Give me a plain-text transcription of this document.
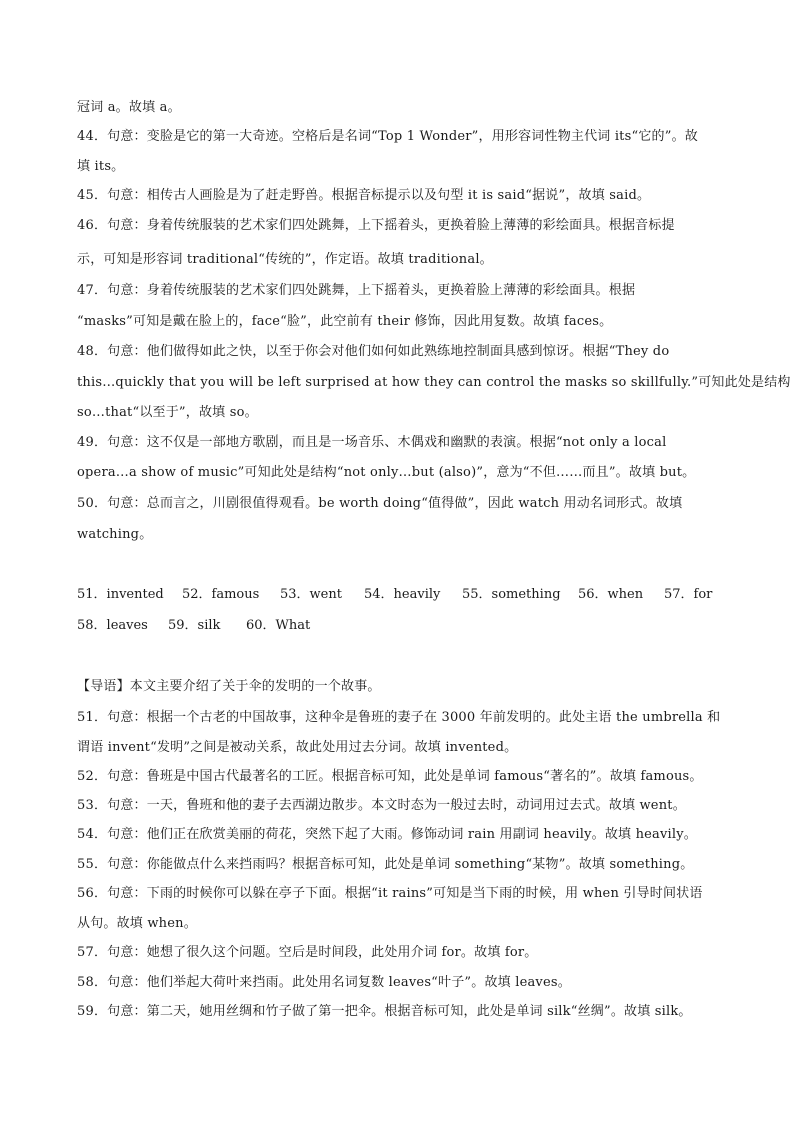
冠词 a。故填 a。
44．句意：变脸是它的第一大奇迹。空格后是名词“Top 1 Wonder”，用形容词性物主代词 its“它的”。故
填 its。
45．句意：相传古人画脸是为了赶走野兽。根据音标提示以及句型 it is said“据说”，故填 said。
46．句意：身着传统服装的艺术家们四处跳舞，上下摇着头，更换着脸上薄薄的彩绘面具。根据音标提
示，可知是形容词 traditional“传统的”，作定语。故填 traditional。
47．句意：身着传统服装的艺术家们四处跳舞，上下摇着头，更换着脸上薄薄的彩绘面具。根据
“masks”可知是戴在脸上的，face“脸”，此空前有 their 修饰，因此用复数。故填 faces。
48．句意：他们做得如此之快，以至于你会对他们如何如此熟练地控制面具感到惊讶。根据“They do
this…quickly that you will be left surprised at how they can control the masks so skillfully.”可知此处是结构
so…that“以至于”，故填 so。
49．句意：这不仅是一部地方歌剧，而且是一场音乐、木偶戏和幽默的表演。根据“not only a local
opera…a show of music”可知此处是结构“not only…but (also)”，意为“不但……而且”。故填 but。
50．句意：总而言之，川剧很值得观看。be worth doing“值得做”，因此 watch 用动名词形式。故填
watching。
51．invented 52．famous 53．went 54．heavily 55．something 56．when 57．for
58．leaves 59．silk 60．What
【导语】本文主要介绍了关于伞的发明的一个故事。
51．句意：根据一个古老的中国故事，这种伞是鲁班的妻子在 3000 年前发明的。此处主语 the umbrella 和
谓语 invent“发明”之间是被动关系，故此处用过去分词。故填 invented。
52．句意：鲁班是中国古代最著名的工匠。根据音标可知，此处是单词 famous“著名的”。故填 famous。
53．句意：一天，鲁班和他的妻子去西湖边散步。本文时态为一般过去时，动词用过去式。故填 went。
54．句意：他们正在欣赏美丽的荷花，突然下起了大雨。修饰动词 rain 用副词 heavily。故填 heavily。
55．句意：你能做点什么来挡雨吗？根据音标可知，此处是单词 something“某物”。故填 something。
56．句意：下雨的时候你可以躲在亭子下面。根据“it rains”可知是当下雨的时候，用 when 引导时间状语
从句。故填 when。
57．句意：她想了很久这个问题。空后是时间段，此处用介词 for。故填 for。
58．句意：他们举起大荷叶来挡雨。此处用名词复数 leaves“叶子”。故填 leaves。
59．句意：第二天，她用丝绸和竹子做了第一把伞。根据音标可知，此处是单词 silk“丝绸”。故填 silk。
